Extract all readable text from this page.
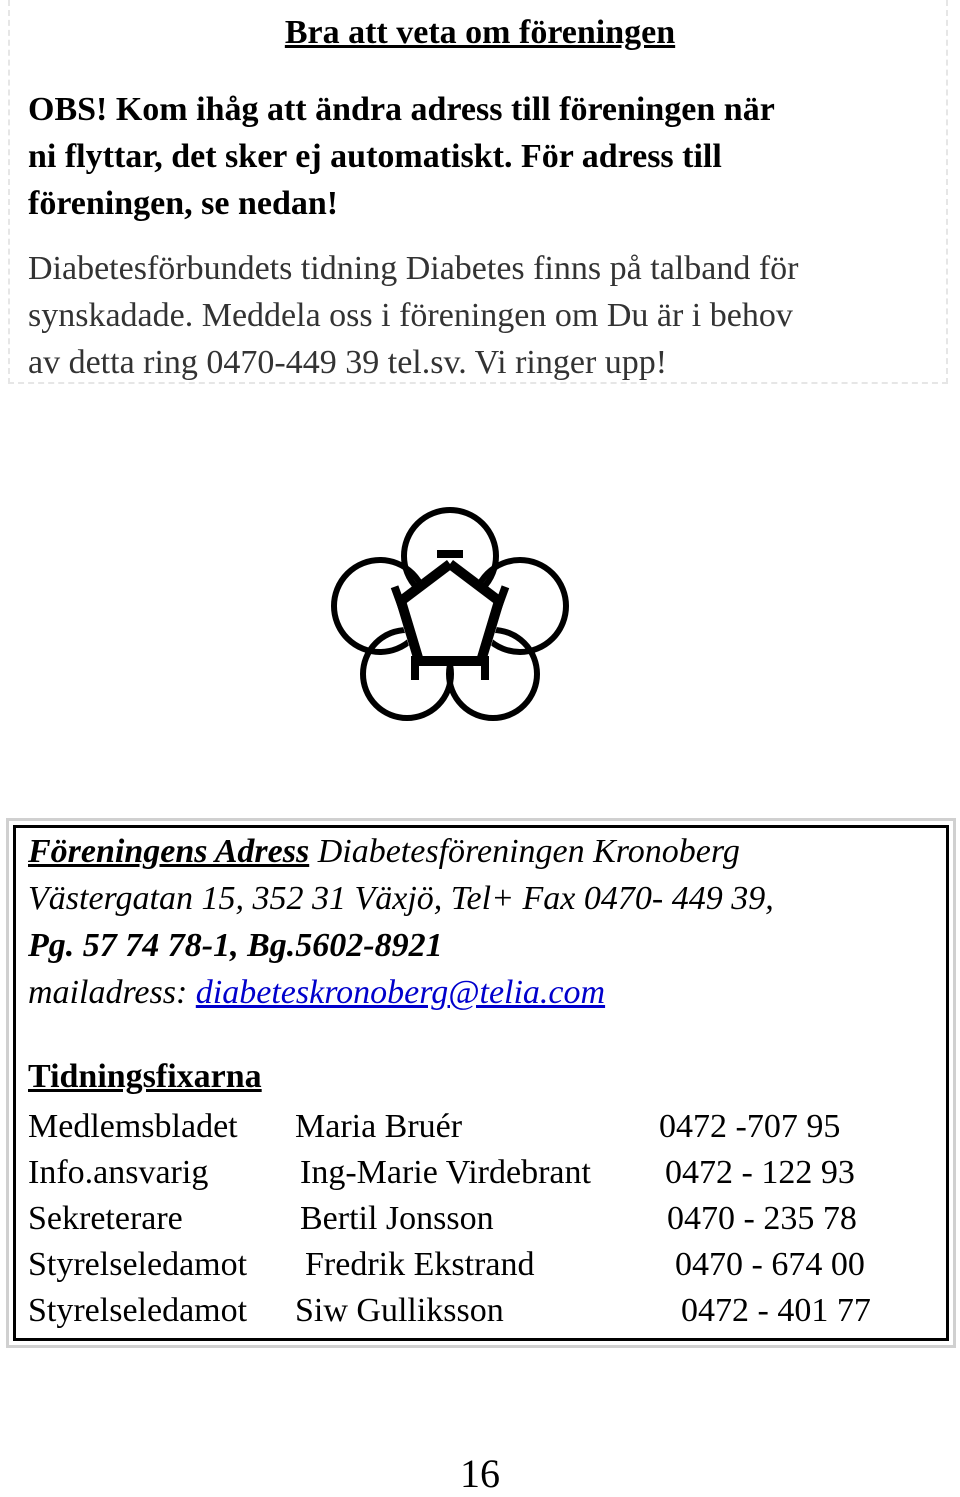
Bra att veta om föreningen
OBS! Kom ihåg att ändra adress till föreningen när
ni flyttar, det sker ej automatiskt. För adress till
föreningen, se nedan!
Diabetesförbundets tidning Diabetes finns på talband för
synskadade. Meddela oss i föreningen om Du är i behov
av detta ring 0470-449 39 tel.sv. Vi ringer upp!
Föreningens Adress Diabetesföreningen Kronoberg
Västergatan 15, 352 31 Växjö, Tel+ Fax 0470- 449 39,
Pg. 57 74 78-1, Bg.5602-8921
mailadress: diabeteskronoberg@telia.com
Tidningsfixarna
Medlemsbladet Maria Bruér	0472 -707 95
Info.ansvarig	Ing-Marie Virdebrant 0472 - 122 93
Sekreterare	Bertil Jonsson	0470 - 235 78
Styrelseledamot Fredrik Ekstrand	0470 - 674 00
Styrelseledamot Siw Gulliksson	0472 - 401 77
16
